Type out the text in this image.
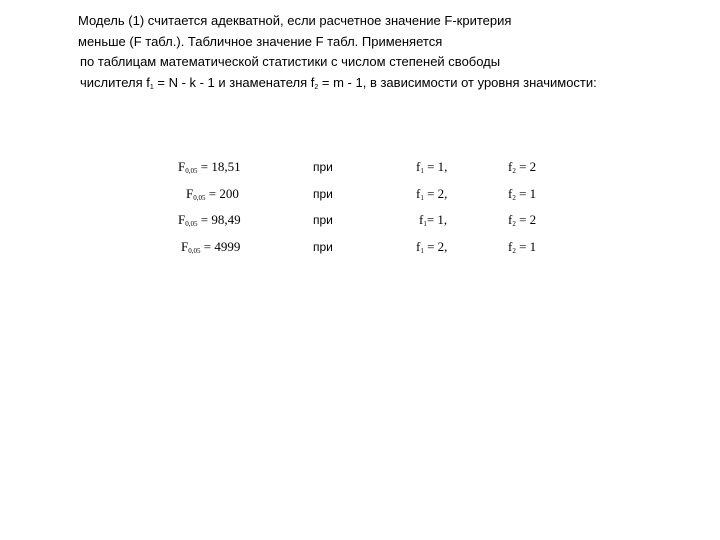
Модель (1) считается адекватной, если расчетное значение F-критерия
меньше (F табл.). Табличное значение F табл. Применяется
по таблицам математической статистики с числом степеней свободы
числителя $f_1 = N - k - 1$ и знаменателя $f_2 = m - 1$, в зависимости от уровня значимости:
$F_{0,05} = 18,51$	при	$f_1 = 1$,	$f_2 = 2$
$F_{0,05} = 200$	при	$f_1 = 2$,	$f_2 = 1$
$F_{0,05} = 98,49$	при	$f_1= 1$,	$f_2 = 2$
$F_{0,05} = 4999$	при	$f_1 = 2$,	$f_2 = 1$
